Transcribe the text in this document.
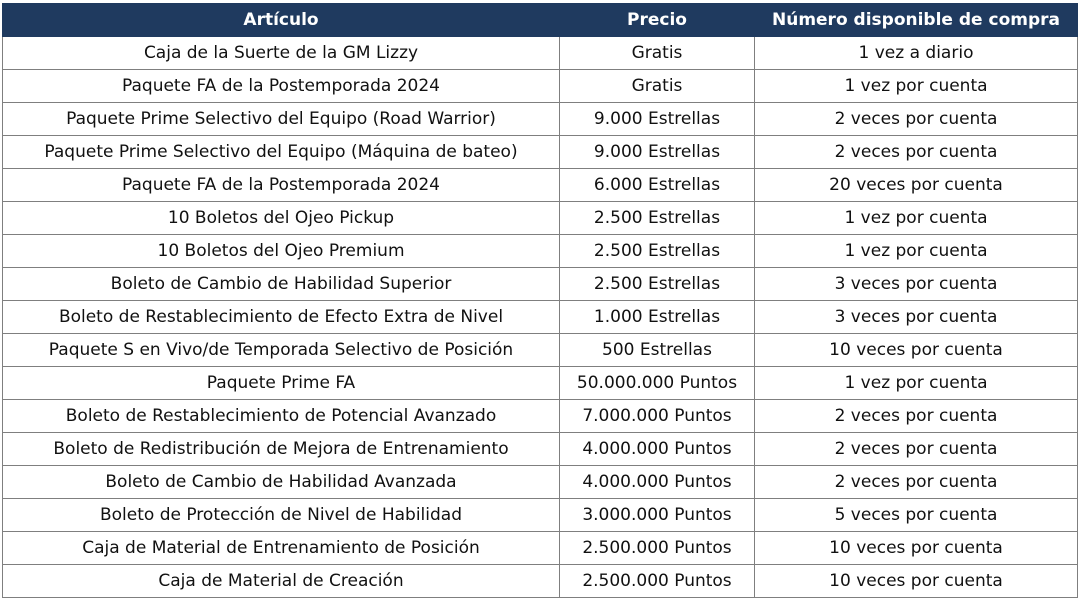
Artículo	Precio	Número disponible de compra
Caja de la Suerte de la GM Lizzy	Gratis	1 vez a diario
Paquete FA de la Postemporada 2024	Gratis	1 vez por cuenta
Paquete Prime Selectivo del Equipo (Road Warrior)	9.000 Estrellas	2 veces por cuenta
Paquete Prime Selectivo del Equipo (Máquina de bateo)	9.000 Estrellas	2 veces por cuenta
Paquete FA de la Postemporada 2024	6.000 Estrellas	20 veces por cuenta
10 Boletos del Ojeo Pickup	2.500 Estrellas	1 vez por cuenta
10 Boletos del Ojeo Premium	2.500 Estrellas	1 vez por cuenta
Boleto de Cambio de Habilidad Superior	2.500 Estrellas	3 veces por cuenta
Boleto de Restablecimiento de Efecto Extra de Nivel	1.000 Estrellas	3 veces por cuenta
Paquete S en Vivo/de Temporada Selectivo de Posición	500 Estrellas	10 veces por cuenta
Paquete Prime FA	50.000.000 Puntos	1 vez por cuenta
Boleto de Restablecimiento de Potencial Avanzado	7.000.000 Puntos	2 veces por cuenta
Boleto de Redistribución de Mejora de Entrenamiento	4.000.000 Puntos	2 veces por cuenta
Boleto de Cambio de Habilidad Avanzada	4.000.000 Puntos	2 veces por cuenta
Boleto de Protección de Nivel de Habilidad	3.000.000 Puntos	5 veces por cuenta
Caja de Material de Entrenamiento de Posición	2.500.000 Puntos	10 veces por cuenta
Caja de Material de Creación	2.500.000 Puntos	10 veces por cuenta
